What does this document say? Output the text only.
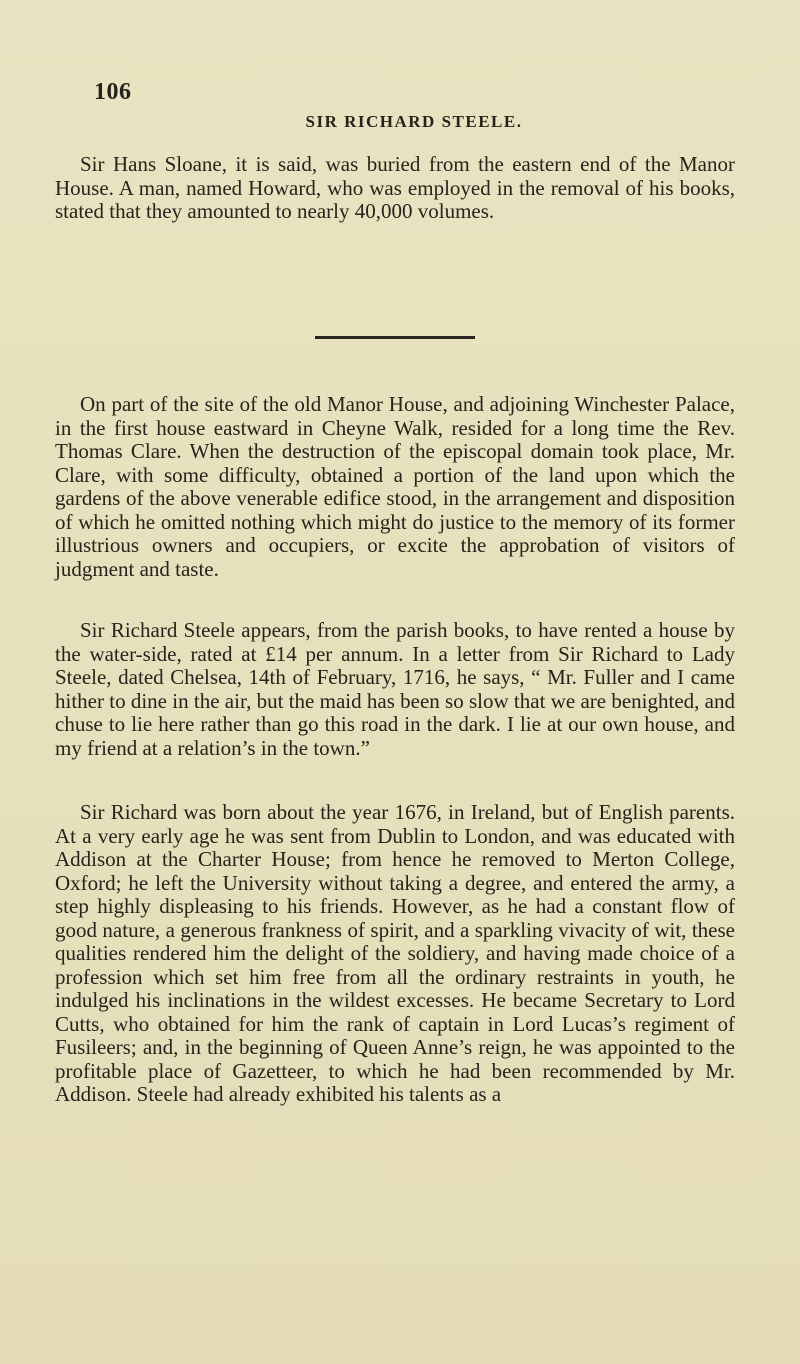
106
SIR RICHARD STEELE.

Sir Hans Sloane, it is said, was buried from the eastern end of the Manor House. A man, named Howard, who was employed in the removal of his books, stated that they amounted to nearly 40,000 volumes.

On part of the site of the old Manor House, and adjoining Winchester Palace, in the first house eastward in Cheyne Walk, resided for a long time the Rev. Thomas Clare. When the destruction of the episcopal domain took place, Mr. Clare, with some difficulty, obtained a portion of the land upon which the gardens of the above venerable edifice stood, in the arrangement and disposition of which he omitted nothing which might do justice to the memory of its former illustrious owners and occupiers, or excite the approbation of visitors of judgment and taste.

Sir Richard Steele appears, from the parish books, to have rented a house by the water-side, rated at £14 per annum. In a letter from Sir Richard to Lady Steele, dated Chelsea, 14th of February, 1716, he says, “ Mr. Fuller and I came hither to dine in the air, but the maid has been so slow that we are benighted, and chuse to lie here rather than go this road in the dark. I lie at our own house, and my friend at a relation’s in the town.”

Sir Richard was born about the year 1676, in Ireland, but of English parents. At a very early age he was sent from Dublin to London, and was educated with Addison at the Charter House; from hence he removed to Merton College, Oxford; he left the University without taking a degree, and entered the army, a step highly displeasing to his friends. However, as he had a constant flow of good nature, a generous frankness of spirit, and a sparkling vivacity of wit, these qualities rendered him the delight of the soldiery, and having made choice of a profession which set him free from all the ordinary restraints in youth, he indulged his inclinations in the wildest excesses. He became Secretary to Lord Cutts, who obtained for him the rank of captain in Lord Lucas’s regiment of Fusileers; and, in the beginning of Queen Anne’s reign, he was appointed to the profitable place of Gazetteer, to which he had been recommended by Mr. Addison. Steele had already exhibited his talents as a
